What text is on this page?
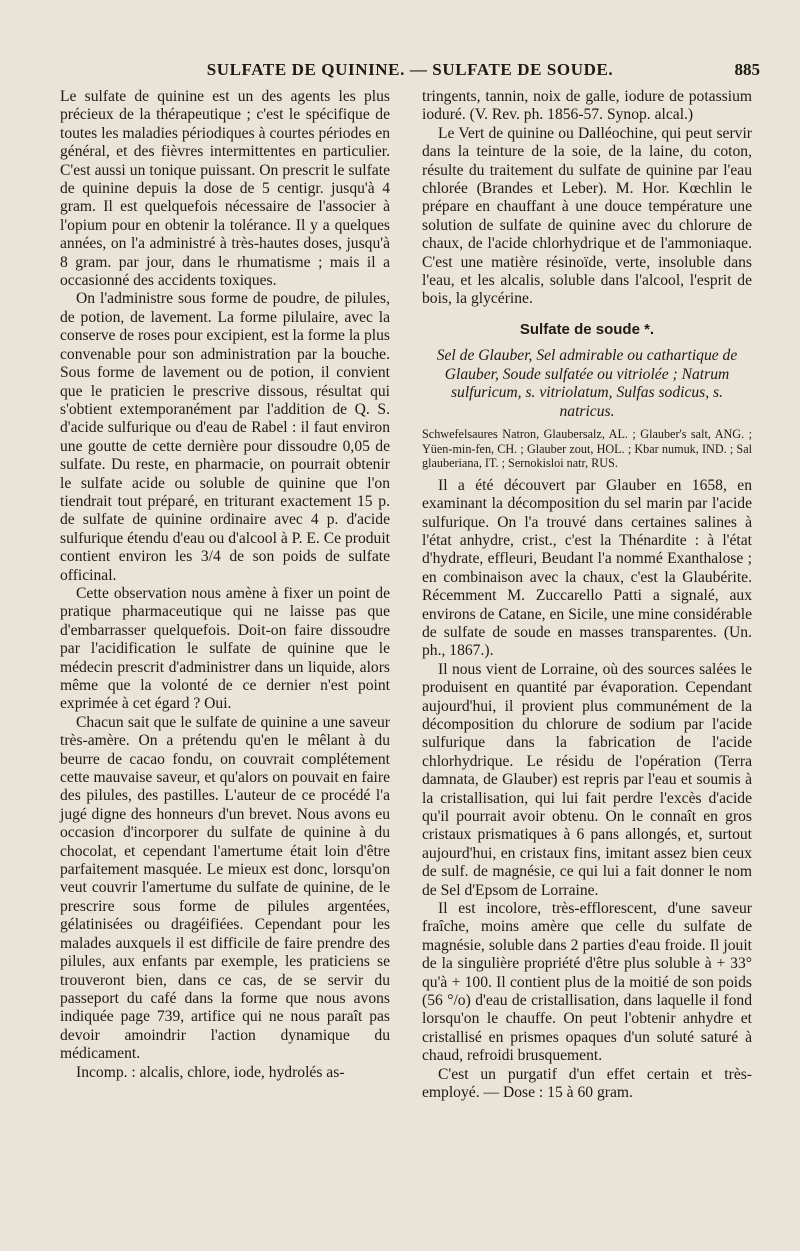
SULFATE DE QUININE. — SULFATE DE SOUDE.	885

Le sulfate de quinine est un des agents les plus précieux de la thérapeutique ; c'est le spécifique de toutes les maladies périodiques à courtes périodes en général, et des fièvres intermittentes en particulier. C'est aussi un tonique puissant. On prescrit le sulfate de quinine depuis la dose de 5 centigr. jusqu'à 4 gram. Il est quelquefois nécessaire de l'associer à l'opium pour en obtenir la tolérance. Il y a quelques années, on l'a administré à très-hautes doses, jusqu'à 8 gram. par jour, dans le rhumatisme ; mais il a occasionné des accidents toxiques.

On l'administre sous forme de poudre, de pilules, de potion, de lavement. La forme pilulaire, avec la conserve de roses pour excipient, est la forme la plus convenable pour son administration par la bouche. Sous forme de lavement ou de potion, il convient que le praticien le prescrive dissous, résultat qui s'obtient extemporanément par l'addition de Q. S. d'acide sulfurique ou d'eau de Rabel : il faut environ une goutte de cette dernière pour dissoudre 0,05 de sulfate. Du reste, en pharmacie, on pourrait obtenir le sulfate acide ou soluble de quinine que l'on tiendrait tout préparé, en triturant exactement 15 p. de sulfate de quinine ordinaire avec 4 p. d'acide sulfurique étendu d'eau ou d'alcool à P. E. Ce produit contient environ les 3/4 de son poids de sulfate officinal.

Cette observation nous amène à fixer un point de pratique pharmaceutique qui ne laisse pas que d'embarrasser quelquefois. Doit-on faire dissoudre par l'acidification le sulfate de quinine que le médecin prescrit d'administrer dans un liquide, alors même que la volonté de ce dernier n'est point exprimée à cet égard ? Oui.

Chacun sait que le sulfate de quinine a une saveur très-amère. On a prétendu qu'en le mêlant à du beurre de cacao fondu, on couvrait complétement cette mauvaise saveur, et qu'alors on pouvait en faire des pilules, des pastilles. L'auteur de ce procédé l'a jugé digne des honneurs d'un brevet. Nous avons eu occasion d'incorporer du sulfate de quinine à du chocolat, et cependant l'amertume était loin d'être parfaitement masquée. Le mieux est donc, lorsqu'on veut couvrir l'amertume du sulfate de quinine, de le prescrire sous forme de pilules argentées, gélatinisées ou dragéifiées. Cependant pour les malades auxquels il est difficile de faire prendre des pilules, aux enfants par exemple, les praticiens se trouveront bien, dans ce cas, de se servir du passeport du café dans la forme que nous avons indiquée page 739, artifice qui ne nous paraît pas devoir amoindrir l'action dynamique du médicament.

Incomp. : alcalis, chlore, iode, hydrolés as-

tringents, tannin, noix de galle, iodure de potassium ioduré. (V. Rev. ph. 1856-57. Synop. alcal.)

Le Vert de quinine ou Dalléochine, qui peut servir dans la teinture de la soie, de la laine, du coton, résulte du traitement du sulfate de quinine par l'eau chlorée (Brandes et Leber). M. Hor. Kœchlin le prépare en chauffant à une douce température une solution de sulfate de quinine avec du chlorure de chaux, de l'acide chlorhydrique et de l'ammoniaque. C'est une matière résinoïde, verte, insoluble dans l'eau, et les alcalis, soluble dans l'alcool, l'esprit de bois, la glycérine.

Sulfate de soude *.

Sel de Glauber, Sel admirable ou cathartique de Glauber, Soude sulfatée ou vitriolée ; Natrum sulfuricum, s. vitriolatum, Sulfas sodicus, s. natricus.

Schwefelsaures Natron, Glaubersalz, AL. ; Glauber's salt, ANG. ; Yüen-min-fen, CH. ; Glauber zout, HOL. ; Kbar numuk, IND. ; Sal glauberiana, IT. ; Sernokisloi natr, RUS.

Il a été découvert par Glauber en 1658, en examinant la décomposition du sel marin par l'acide sulfurique. On l'a trouvé dans certaines salines à l'état anhydre, crist., c'est la Thénardite : à l'état d'hydrate, effleuri, Beudant l'a nommé Exanthalose ; en combinaison avec la chaux, c'est la Glaubérite. Récemment M. Zuccarello Patti a signalé, aux environs de Catane, en Sicile, une mine considérable de sulfate de soude en masses transparentes. (Un. ph., 1867.).

Il nous vient de Lorraine, où des sources salées le produisent en quantité par évaporation. Cependant aujourd'hui, il provient plus communément de la décomposition du chlorure de sodium par l'acide sulfurique dans la fabrication de l'acide chlorhydrique. Le résidu de l'opération (Terra damnata, de Glauber) est repris par l'eau et soumis à la cristallisation, qui lui fait perdre l'excès d'acide qu'il pourrait avoir obtenu. On le connaît en gros cristaux prismatiques à 6 pans allongés, et, surtout aujourd'hui, en cristaux fins, imitant assez bien ceux de sulf. de magnésie, ce qui lui a fait donner le nom de Sel d'Epsom de Lorraine.

Il est incolore, très-efflorescent, d'une saveur fraîche, moins amère que celle du sulfate de magnésie, soluble dans 2 parties d'eau froide. Il jouit de la singulière propriété d'être plus soluble à + 33° qu'à + 100. Il contient plus de la moitié de son poids (56 °/o) d'eau de cristallisation, dans laquelle il fond lorsqu'on le chauffe. On peut l'obtenir anhydre et cristallisé en prismes opaques d'un soluté saturé à chaud, refroidi brusquement.

C'est un purgatif d'un effet certain et très-employé. — Dose : 15 à 60 gram.
